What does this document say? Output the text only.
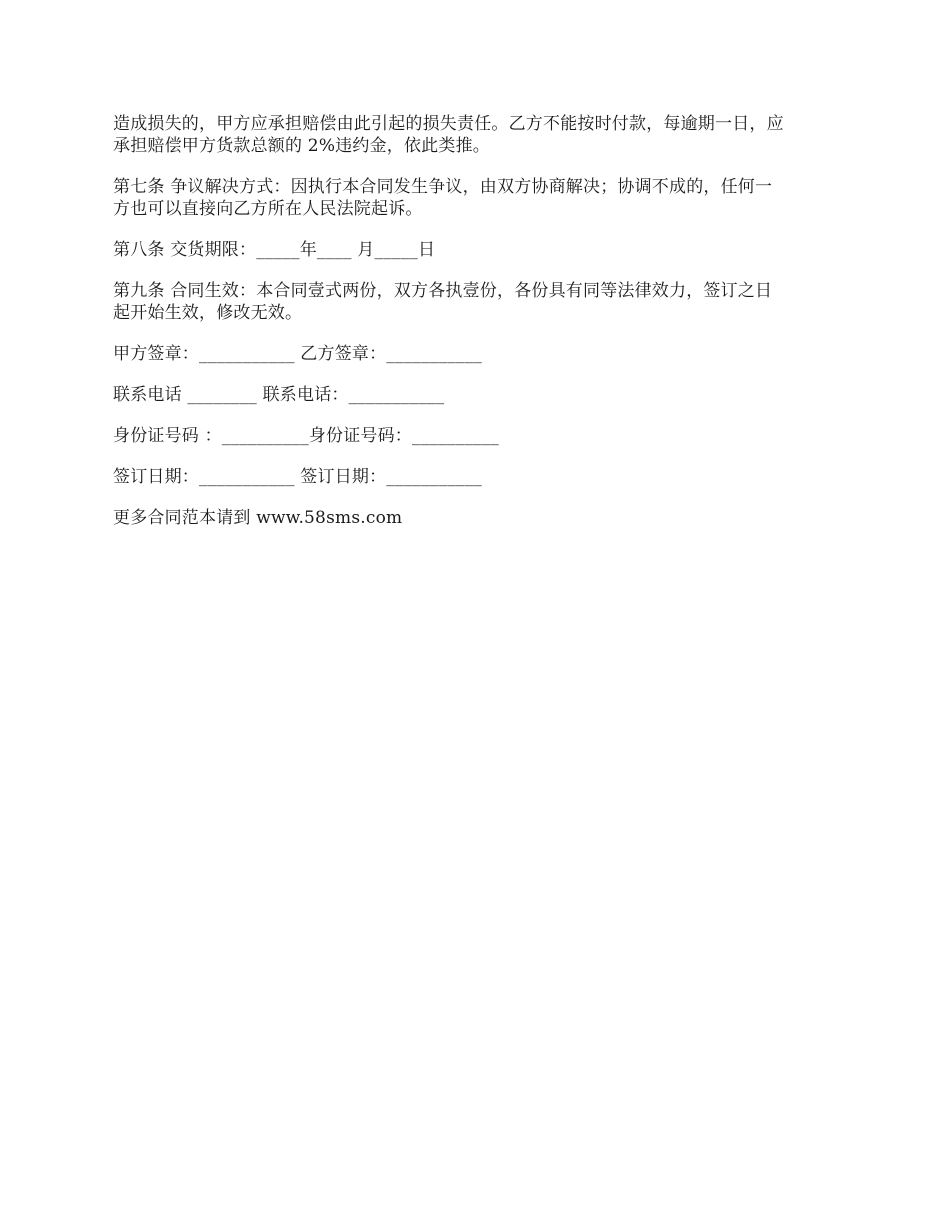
造成损失的，甲方应承担赔偿由此引起的损失责任。乙方不能按时付款，每逾期一日，应
承担赔偿甲方货款总额的 2%违约金，依此类推。

第七条 争议解决方式：因执行本合同发生争议，由双方协商解决；协调不成的，任何一
方也可以直接向乙方所在人民法院起诉。

第八条 交货期限：_____年____ 月_____日

第九条 合同生效：本合同壹式两份，双方各执壹份，各份具有同等法律效力，签订之日
起开始生效，修改无效。

甲方签章：___________ 乙方签章：___________

联系电话 ________ 联系电话：___________

身份证号码 ：__________身份证号码：__________

签订日期：___________ 签订日期：___________

更多合同范本请到 www.58sms.com
